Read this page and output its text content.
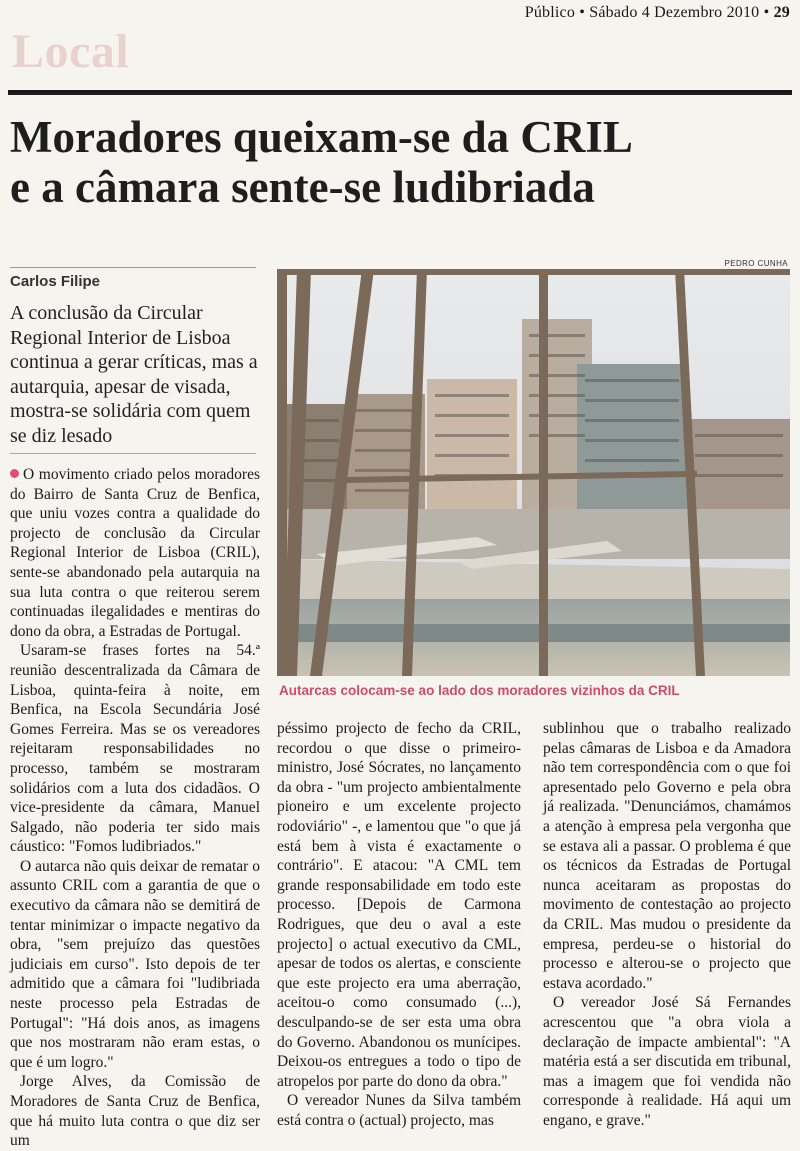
Público • Sábado 4 Dezembro 2010 • 29
Local
Moradores queixam-se da CRIL
e a câmara sente-se ludibriada
Carlos Filipe
A conclusão da Circular Regional Interior de Lisboa continua a gerar críticas, mas a autarquia, apesar de visada, mostra-se solidária com quem se diz lesado
PEDRO CUNHA
Autarcas colocam-se ao lado dos moradores vizinhos da CRIL

O movimento criado pelos moradores do Bairro de Santa Cruz de Benfica, que uniu vozes contra a qualidade do projecto de conclusão da Circular Regional Interior de Lisboa (CRIL), sente-se abandonado pela autarquia na sua luta contra o que reiterou serem continuadas ilegalidades e mentiras do dono da obra, a Estradas de Portugal.

Usaram-se frases fortes na 54.ª reunião descentralizada da Câmara de Lisboa, quinta-feira à noite, em Benfica, na Escola Secundária José Gomes Ferreira. Mas se os vereadores rejeitaram responsabilidades no processo, também se mostraram solidários com a luta dos cidadãos. O vice-presidente da câmara, Manuel Salgado, não poderia ter sido mais cáustico: "Fomos ludibriados."

O autarca não quis deixar de rematar o assunto CRIL com a garantia de que o executivo da câmara não se demitirá de tentar minimizar o impacte negativo da obra, "sem prejuízo das questões judiciais em curso". Isto depois de ter admitido que a câmara foi "ludibriada neste processo pela Estradas de Portugal": "Há dois anos, as imagens que nos mostraram não eram estas, o que é um logro."

Jorge Alves, da Comissão de Moradores de Santa Cruz de Benfica, que há muito luta contra o que diz ser um

péssimo projecto de fecho da CRIL, recordou o que disse o primeiro-ministro, José Sócrates, no lançamento da obra - "um projecto ambientalmente pioneiro e um excelente projecto rodoviário" -, e lamentou que "o que já está bem à vista é exactamente o contrário". E atacou: "A CML tem grande responsabilidade em todo este processo. [Depois de Carmona Rodrigues, que deu o aval a este projecto] o actual executivo da CML, apesar de todos os alertas, e consciente que este projecto era uma aberração, aceitou-o como consumado (...), desculpando-se de ser esta uma obra do Governo. Abandonou os munícipes. Deixou-os entregues a todo o tipo de atropelos por parte do dono da obra."

O vereador Nunes da Silva também está contra o (actual) projecto, mas

sublinhou que o trabalho realizado pelas câmaras de Lisboa e da Amadora não tem correspondência com o que foi apresentado pelo Governo e pela obra já realizada. "Denunciámos, chamámos a atenção à empresa pela vergonha que se estava ali a passar. O problema é que os técnicos da Estradas de Portugal nunca aceitaram as propostas do movimento de contestação ao projecto da CRIL. Mas mudou o presidente da empresa, perdeu-se o historial do processo e alterou-se o projecto que estava acordado."

O vereador José Sá Fernandes acrescentou que "a obra viola a declaração de impacte ambiental": "A matéria está a ser discutida em tribunal, mas a imagem que foi vendida não corresponde à realidade. Há aqui um engano, e grave."
